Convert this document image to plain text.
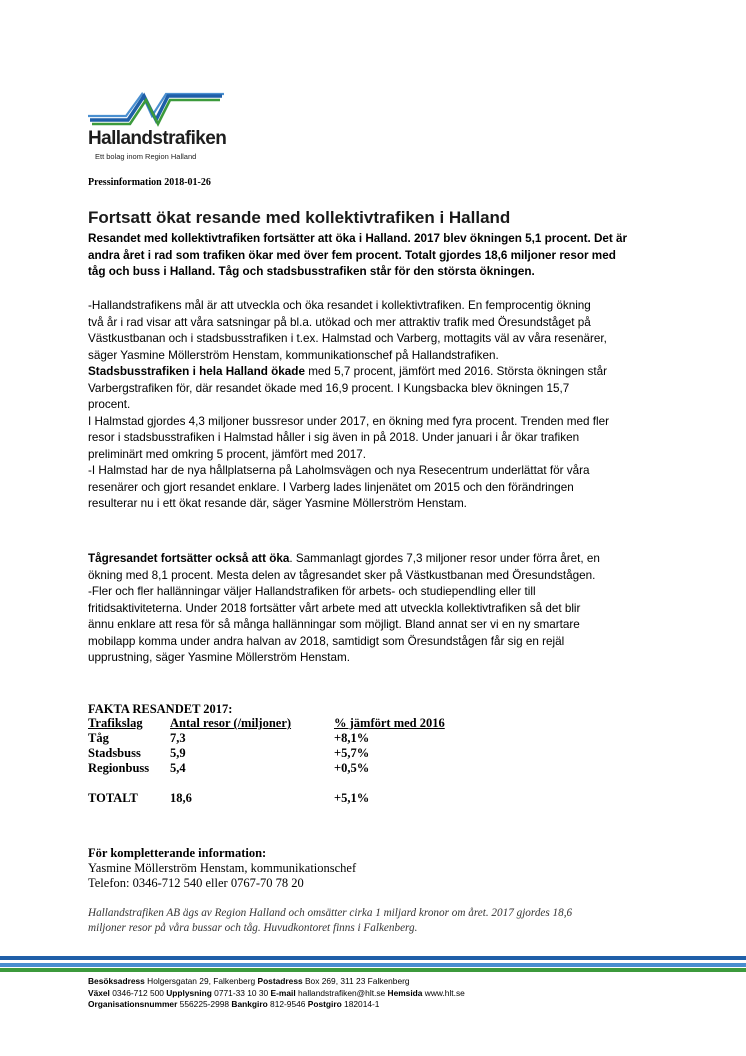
Hallandstrafiken
Ett bolag inom Region Halland
Pressinformation 2018-01-26
Fortsatt ökat resande med kollektivtrafiken i Halland
Resandet med kollektivtrafiken fortsätter att öka i Halland. 2017 blev ökningen 5,1 procent. Det är
andra året i rad som trafiken ökar med över fem procent. Totalt gjordes 18,6 miljoner resor med
tåg och buss i Halland. Tåg och stadsbusstrafiken står för den största ökningen.
-Hallandstrafikens mål är att utveckla och öka resandet i kollektivtrafiken. En femprocentig ökning
två år i rad visar att våra satsningar på bl.a. utökad och mer attraktiv trafik med Öresundståget på
Västkustbanan och i stadsbusstrafiken i t.ex. Halmstad och Varberg, mottagits väl av våra resenärer,
säger Yasmine Möllerström Henstam, kommunikationschef på Hallandstrafiken.
Stadsbusstrafiken i hela Halland ökade med 5,7 procent, jämfört med 2016. Största ökningen står
Varbergstrafiken för, där resandet ökade med 16,9 procent. I Kungsbacka blev ökningen 15,7
procent.
I Halmstad gjordes 4,3 miljoner bussresor under 2017, en ökning med fyra procent. Trenden med fler
resor i stadsbusstrafiken i Halmstad håller i sig även in på 2018. Under januari i år ökar trafiken
preliminärt med omkring 5 procent, jämfört med 2017.
-I Halmstad har de nya hållplatserna på Laholmsvägen och nya Resecentrum underlättat för våra
resenärer och gjort resandet enklare. I Varberg lades linjenätet om 2015 och den förändringen
resulterar nu i ett ökat resande där, säger Yasmine Möllerström Henstam.
Tågresandet fortsätter också att öka. Sammanlagt gjordes 7,3 miljoner resor under förra året, en
ökning med 8,1 procent. Mesta delen av tågresandet sker på Västkustbanan med Öresundstågen.
-Fler och fler hallänningar väljer Hallandstrafiken för arbets- och studiependling eller till
fritidsaktiviteterna. Under 2018 fortsätter vårt arbete med att utveckla kollektivtrafiken så det blir
ännu enklare att resa för så många hallänningar som möjligt. Bland annat ser vi en ny smartare
mobilapp komma under andra halvan av 2018, samtidigt som Öresundstågen får sig en rejäl
upprustning, säger Yasmine Möllerström Henstam.
FAKTA RESANDET 2017:
Trafikslag	Antal resor (/miljoner)	% jämfört med 2016
Tåg	7,3	+8,1%
Stadsbuss	5,9	+5,7%
Regionbuss	5,4	+0,5%

TOTALT	18,6	+5,1%
För kompletterande information:
Yasmine Möllerström Henstam, kommunikationschef
Telefon: 0346-712 540 eller 0767-70 78 20
Hallandstrafiken AB ägs av Region Halland och omsätter cirka 1 miljard kronor om året. 2017 gjordes 18,6
miljoner resor på våra bussar och tåg. Huvudkontoret finns i Falkenberg.
Besöksadress Holgersgatan 29, Falkenberg Postadress Box 269, 311 23 Falkenberg
Växel 0346-712 500 Upplysning 0771-33 10 30 E-mail hallandstrafiken@hlt.se Hemsida www.hlt.se
Organisationsnummer 556225-2998 Bankgiro 812-9546 Postgiro 182014-1
